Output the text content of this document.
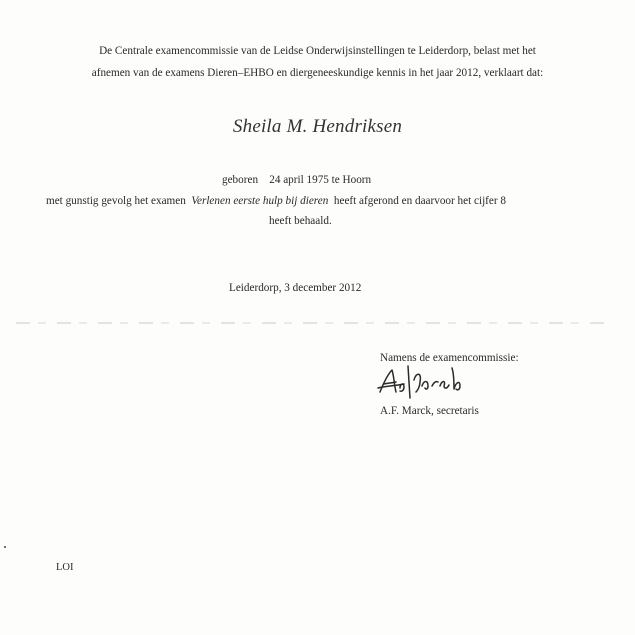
De Centrale examencommissie van de Leidse Onderwijsinstellingen te Leiderdorp, belast met het
afnemen van de examens Dieren–EHBO en diergeneeskundige kennis in het jaar 2012, verklaart dat:
Sheila M. Hendriksen
geboren    24 april 1975 te Hoorn
met gunstig gevolg het examen  Verlenen eerste hulp bij dieren  heeft afgerond en daarvoor het cijfer 8
heeft behaald.
Leiderdorp, 3 december 2012
Namens de examencommissie:
A.F. Marck, secretaris
LOI
